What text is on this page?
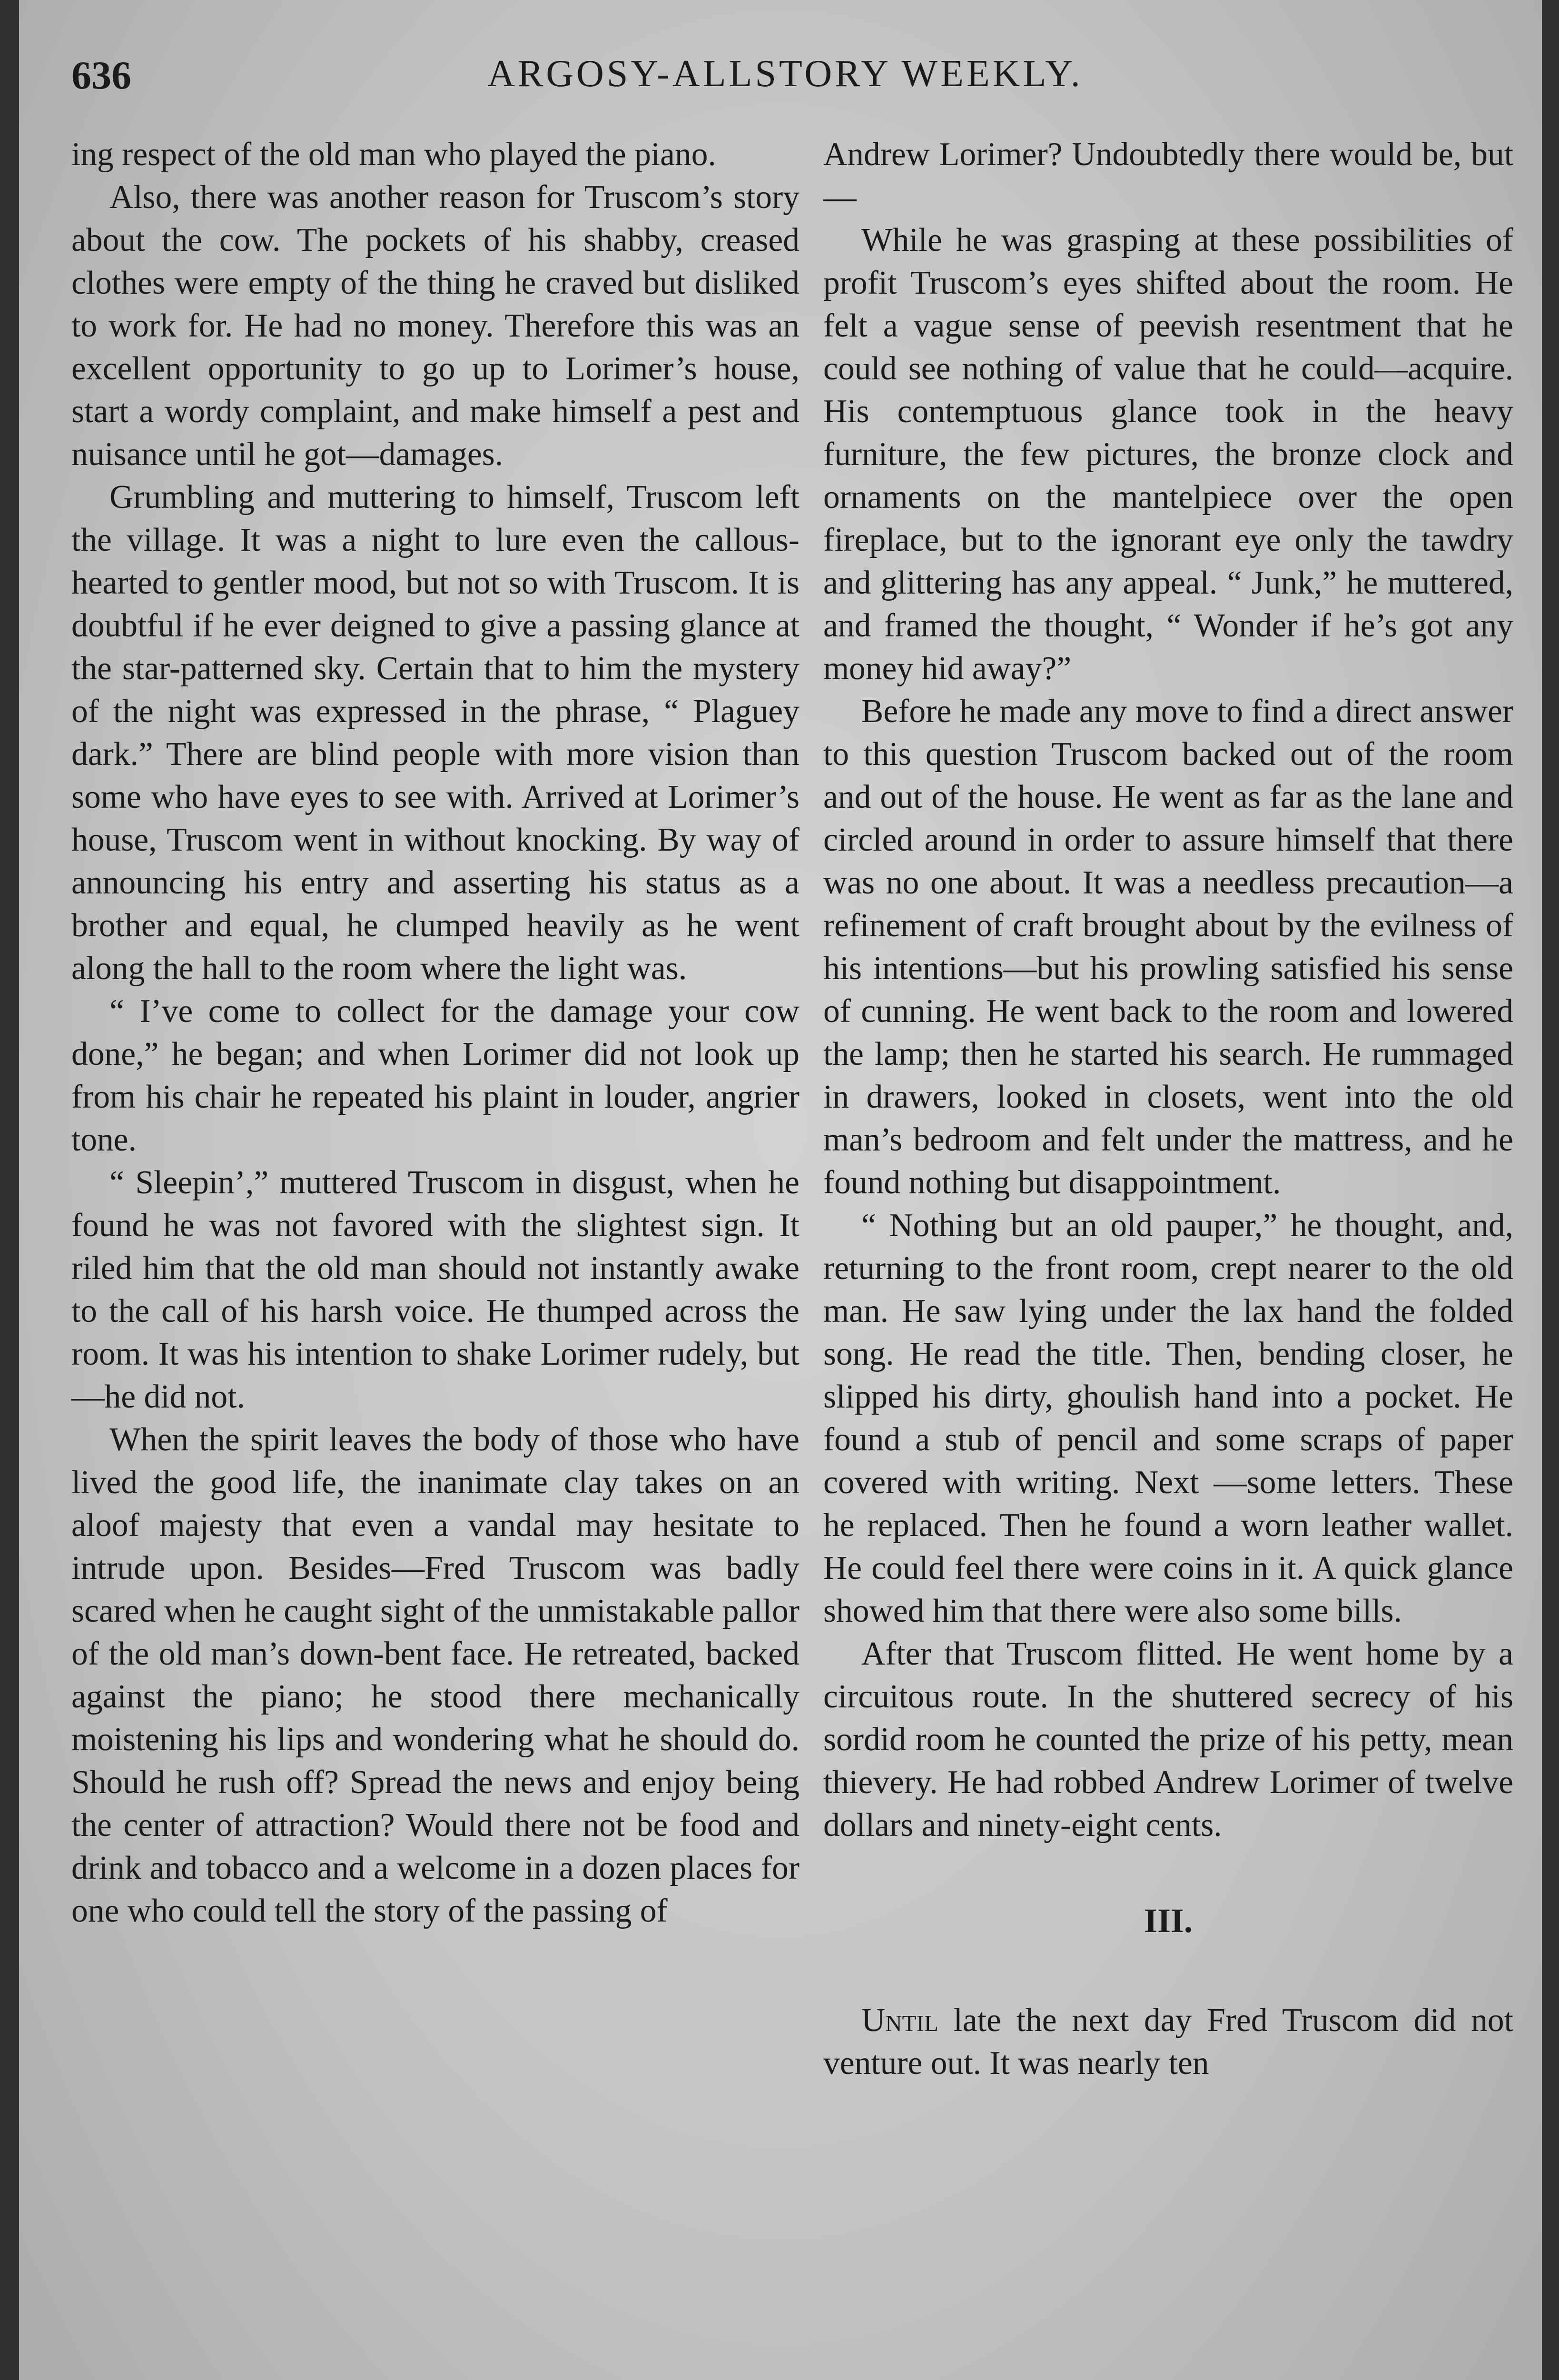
636	ARGOSY-ALLSTORY WEEKLY.

ing respect of the old man who played the piano.

Also, there was another reason for Truscom’s story about the cow. The pockets of his shabby, creased clothes were empty of the thing he craved but disliked to work for. He had no money. Therefore this was an excellent opportunity to go up to Lorimer’s house, start a wordy complaint, and make himself a pest and nuisance until he got—damages.

Grumbling and muttering to himself, Truscom left the village. It was a night to lure even the callous-hearted to gentler mood, but not so with Truscom. It is doubtful if he ever deigned to give a passing glance at the star-patterned sky. Certain that to him the mystery of the night was expressed in the phrase, “ Plaguey dark.” There are blind people with more vision than some who have eyes to see with. Arrived at Lorimer’s house, Truscom went in without knocking. By way of announcing his entry and asserting his status as a brother and equal, he clumped heavily as he went along the hall to the room where the light was.

“ I’ve come to collect for the damage your cow done,” he began; and when Lorimer did not look up from his chair he repeated his plaint in louder, angrier tone.

“ Sleepin’,” muttered Truscom in disgust, when he found he was not favored with the slightest sign. It riled him that the old man should not instantly awake to the call of his harsh voice. He thumped across the room. It was his intention to shake Lorimer rudely, but—he did not.

When the spirit leaves the body of those who have lived the good life, the inanimate clay takes on an aloof majesty that even a vandal may hesitate to intrude upon. Besides—Fred Truscom was badly scared when he caught sight of the unmistakable pallor of the old man’s down-bent face. He retreated, backed against the piano; he stood there mechanically moistening his lips and wondering what he should do. Should he rush off? Spread the news and enjoy being the center of attraction? Would there not be food and drink and tobacco and a welcome in a dozen places for one who could tell the story of the passing of

Andrew Lorimer? Undoubtedly there would be, but—

While he was grasping at these possibilities of profit Truscom’s eyes shifted about the room. He felt a vague sense of peevish resentment that he could see nothing of value that he could—acquire. His contemptuous glance took in the heavy furniture, the few pictures, the bronze clock and ornaments on the mantelpiece over the open fireplace, but to the ignorant eye only the tawdry and glittering has any appeal. “ Junk,” he muttered, and framed the thought, “ Wonder if he’s got any money hid away?”

Before he made any move to find a direct answer to this question Truscom backed out of the room and out of the house. He went as far as the lane and circled around in order to assure himself that there was no one about. It was a needless precaution—a refinement of craft brought about by the evilness of his intentions—but his prowling satisfied his sense of cunning. He went back to the room and lowered the lamp; then he started his search. He rummaged in drawers, looked in closets, went into the old man’s bedroom and felt under the mattress, and he found nothing but disappointment.

“ Nothing but an old pauper,” he thought, and, returning to the front room, crept nearer to the old man. He saw lying under the lax hand the folded song. He read the title. Then, bending closer, he slipped his dirty, ghoulish hand into a pocket. He found a stub of pencil and some scraps of paper covered with writing. Next —some letters. These he replaced. Then he found a worn leather wallet. He could feel there were coins in it. A quick glance showed him that there were also some bills.

After that Truscom flitted. He went home by a circuitous route. In the shuttered secrecy of his sordid room he counted the prize of his petty, mean thievery. He had robbed Andrew Lorimer of twelve dollars and ninety-eight cents.

III.

Until late the next day Fred Truscom did not venture out. It was nearly ten
